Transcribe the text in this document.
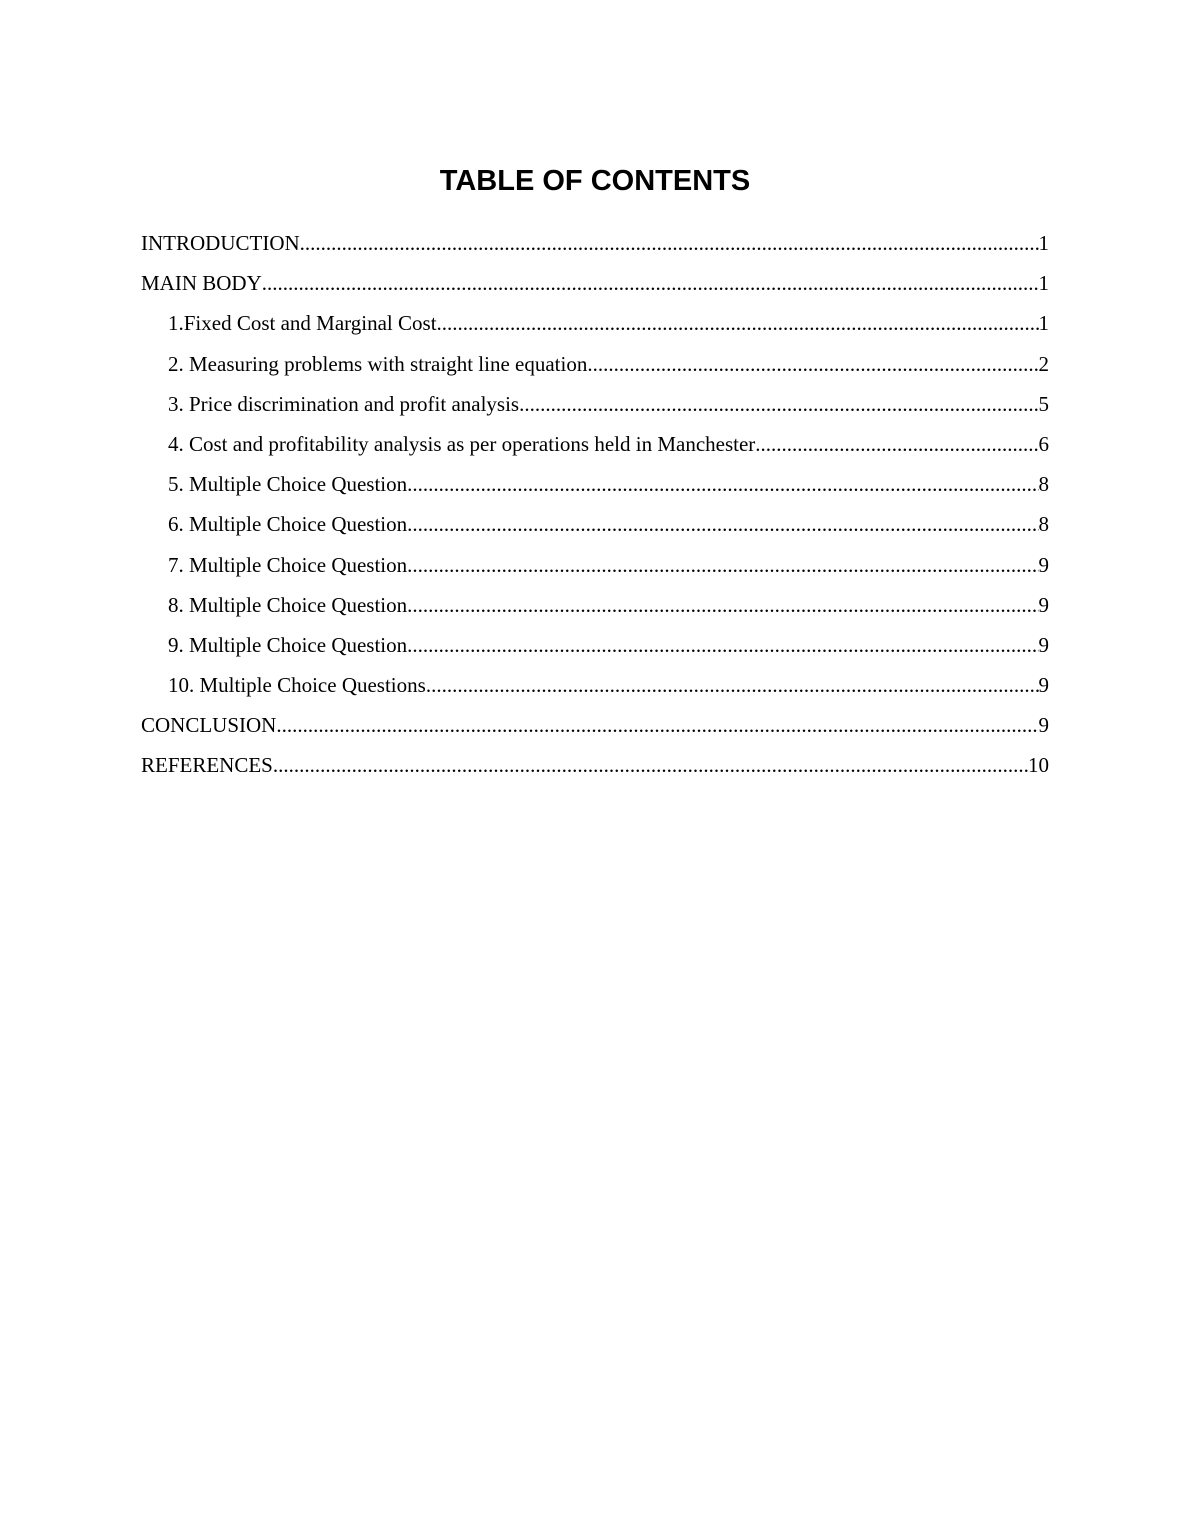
TABLE OF CONTENTS
INTRODUCTION .....	1
MAIN BODY .....	1
1.Fixed Cost and Marginal Cost .....	1
2. Measuring problems with straight line equation .....	2
3. Price discrimination and profit analysis .....	5
4. Cost and profitability analysis as per operations held in Manchester .....	6
5. Multiple Choice Question .....	8
6. Multiple Choice Question .....	8
7. Multiple Choice Question .....	9
8. Multiple Choice Question .....	9
9. Multiple Choice Question .....	9
10. Multiple Choice Questions .....	9
CONCLUSION .....	9
REFERENCES .....	10
